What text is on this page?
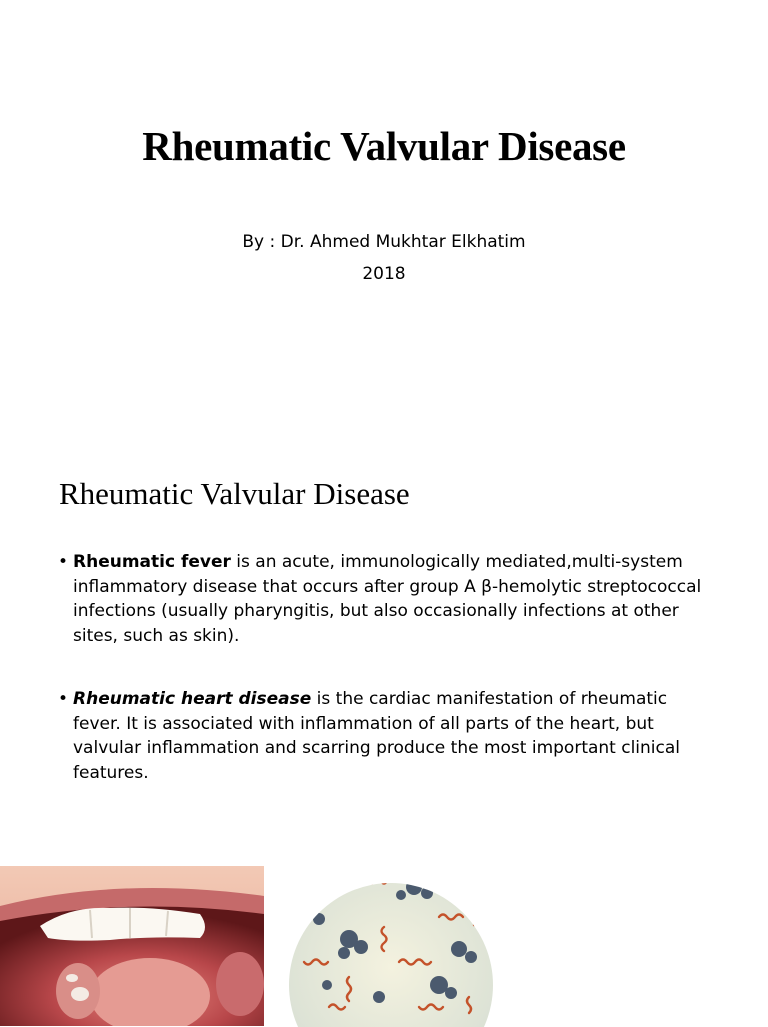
Rheumatic Valvular Disease

By : Dr. Ahmed Mukhtar Elkhatim

2018

Rheumatic Valvular Disease
• Rheumatic fever is an acute, immunologically mediated,multi-system inflammatory disease that occurs after group A β-hemolytic streptococcal infections (usually pharyngitis, but also occasionally infections at other sites, such as skin).
• Rheumatic heart disease is the cardiac manifestation of rheumatic fever. It is associated with inflammation of all parts of the heart, but valvular inflammation and scarring produce the most important clinical features.
